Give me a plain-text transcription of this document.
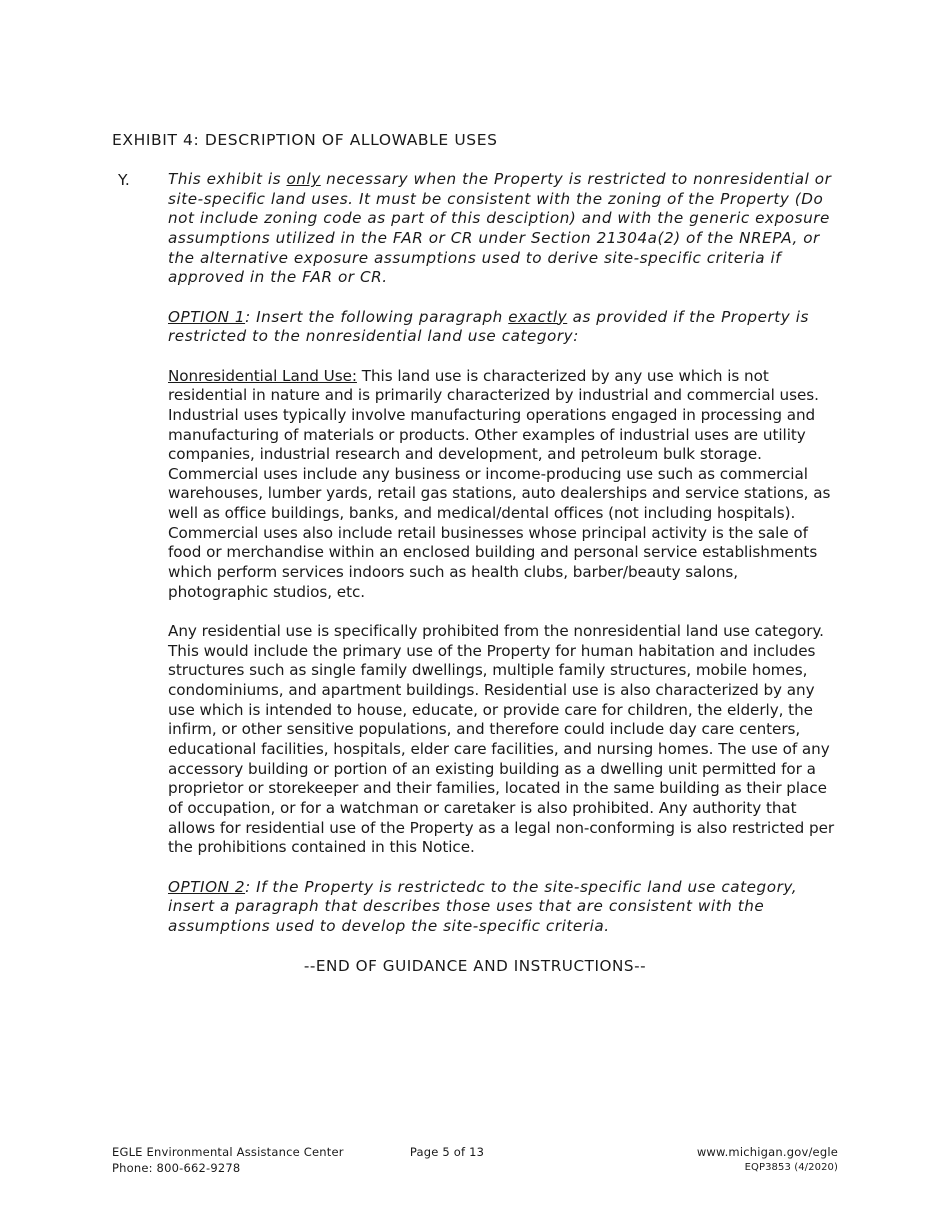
EXHIBIT 4: DESCRIPTION OF ALLOWABLE USES
Y. This exhibit is only necessary when the Property is restricted to nonresidential or site-specific land uses. It must be consistent with the zoning of the Property (Do not include zoning code as part of this desciption) and with the generic exposure assumptions utilized in the FAR or CR under Section 21304a(2) of the NREPA, or the alternative exposure assumptions used to derive site-specific criteria if approved in the FAR or CR.

OPTION 1: Insert the following paragraph exactly as provided if the Property is restricted to the nonresidential land use category:

Nonresidential Land Use: This land use is characterized by any use which is not residential in nature and is primarily characterized by industrial and commercial uses. Industrial uses typically involve manufacturing operations engaged in processing and manufacturing of materials or products. Other examples of industrial uses are utility companies, industrial research and development, and petroleum bulk storage. Commercial uses include any business or income-producing use such as commercial warehouses, lumber yards, retail gas stations, auto dealerships and service stations, as well as office buildings, banks, and medical/dental offices (not including hospitals). Commercial uses also include retail businesses whose principal activity is the sale of food or merchandise within an enclosed building and personal service establishments which perform services indoors such as health clubs, barber/beauty salons, photographic studios, etc.

Any residential use is specifically prohibited from the nonresidential land use category. This would include the primary use of the Property for human habitation and includes structures such as single family dwellings, multiple family structures, mobile homes, condominiums, and apartment buildings. Residential use is also characterized by any use which is intended to house, educate, or provide care for children, the elderly, the infirm, or other sensitive populations, and therefore could include day care centers, educational facilities, hospitals, elder care facilities, and nursing homes. The use of any accessory building or portion of an existing building as a dwelling unit permitted for a proprietor or storekeeper and their families, located in the same building as their place of occupation, or for a watchman or caretaker is also prohibited. Any authority that allows for residential use of the Property as a legal non-conforming is also restricted per the prohibitions contained in this Notice.

OPTION 2: If the Property is restrictedc to the site-specific land use category, insert a paragraph that describes those uses that are consistent with the assumptions used to develop the site-specific criteria.

--END OF GUIDANCE AND INSTRUCTIONS--
EGLE Environmental Assistance Center
Phone: 800-662-9278
Page 5 of 13	www.michigan.gov/egle
EQP3853 (4/2020)
